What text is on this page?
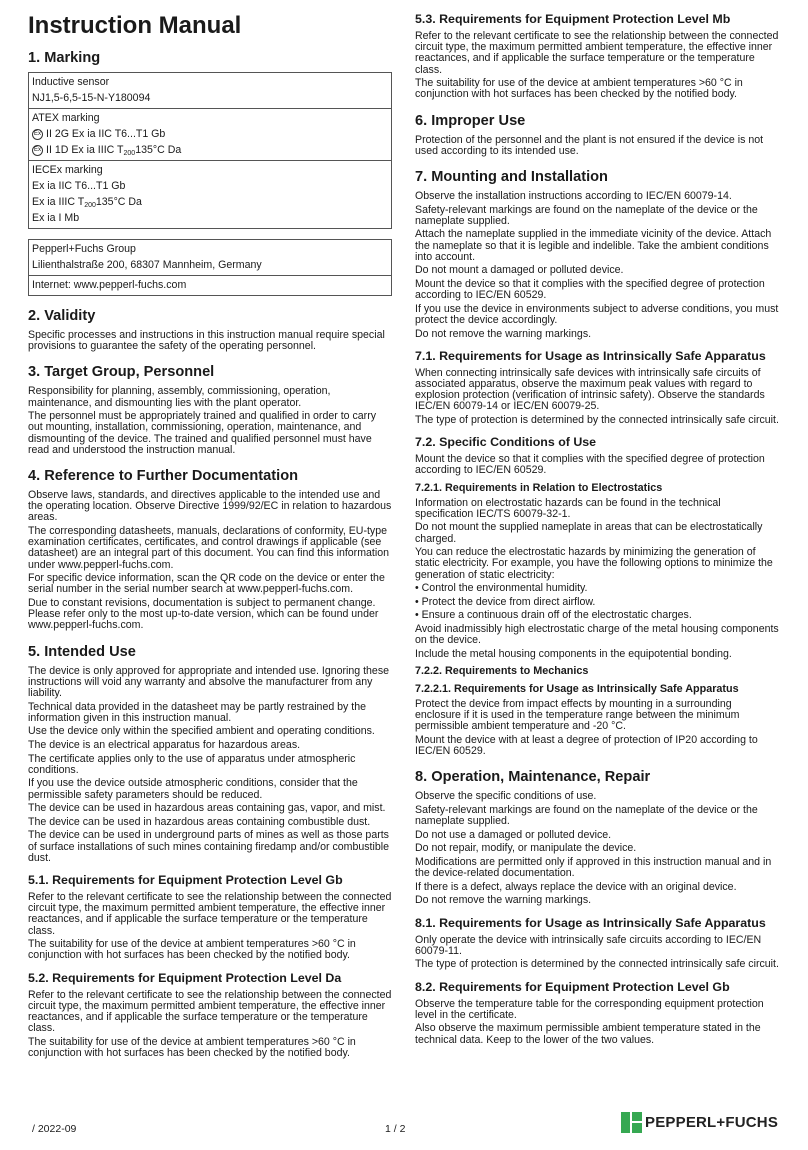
Instruction Manual
1. Marking
Inductive sensor
NJ1,5-6,5-15-N-Y180094
ATEX marking
Ex II 2G Ex ia IIC T6...T1 Gb
Ex II 1D Ex ia IIIC $T_{200}135^\circ C$ Da
IECEx marking
Ex ia IIC T6...T1 Gb
Ex ia IIIC $T_{200}135^\circ C$ Da
Ex ia I Mb
Pepperl+Fuchs Group
Lilienthalstraße 200, 68307 Mannheim, Germany
Internet: www.pepperl-fuchs.com
2. Validity

Specific processes and instructions in this instruction manual require special provisions to guarantee the safety of the operating personnel.

3. Target Group, Personnel

Responsibility for planning, assembly, commissioning, operation, maintenance, and dismounting lies with the plant operator.

The personnel must be appropriately trained and qualified in order to carry out mounting, installation, commissioning, operation, maintenance, and dismounting of the device. The trained and qualified personnel must have read and understood the instruction manual.

4. Reference to Further Documentation

Observe laws, standards, and directives applicable to the intended use and the operating location. Observe Directive 1999/92/EC in relation to hazardous areas.

The corresponding datasheets, manuals, declarations of conformity, EU-type examination certificates, certificates, and control drawings if applicable (see datasheet) are an integral part of this document. You can find this information under www.pepperl-fuchs.com.

For specific device information, scan the QR code on the device or enter the serial number in the serial number search at www.pepperl-fuchs.com.

Due to constant revisions, documentation is subject to permanent change. Please refer only to the most up-to-date version, which can be found under www.pepperl-fuchs.com.

5. Intended Use

The device is only approved for appropriate and intended use. Ignoring these instructions will void any warranty and absolve the manufacturer from any liability.

Technical data provided in the datasheet may be partly restrained by the information given in this instruction manual.

Use the device only within the specified ambient and operating conditions.

The device is an electrical apparatus for hazardous areas.

The certificate applies only to the use of apparatus under atmospheric conditions.

If you use the device outside atmospheric conditions, consider that the permissible safety parameters should be reduced.

The device can be used in hazardous areas containing gas, vapor, and mist.

The device can be used in hazardous areas containing combustible dust.

The device can be used in underground parts of mines as well as those parts of surface installations of such mines containing firedamp and/or combustible dust.

5.1. Requirements for Equipment Protection Level Gb

Refer to the relevant certificate to see the relationship between the connected circuit type, the maximum permitted ambient temperature, the effective inner reactances, and if applicable the surface temperature or the temperature class.

The suitability for use of the device at ambient temperatures >60 °C in conjunction with hot surfaces has been checked by the notified body.

5.2. Requirements for Equipment Protection Level Da

Refer to the relevant certificate to see the relationship between the connected circuit type, the maximum permitted ambient temperature, the effective inner reactances, and if applicable the surface temperature or the temperature class.

The suitability for use of the device at ambient temperatures >60 °C in conjunction with hot surfaces has been checked by the notified body.

5.3. Requirements for Equipment Protection Level Mb

Refer to the relevant certificate to see the relationship between the connected circuit type, the maximum permitted ambient temperature, the effective inner reactances, and if applicable the surface temperature or the temperature class.

The suitability for use of the device at ambient temperatures >60 °C in conjunction with hot surfaces has been checked by the notified body.

6. Improper Use

Protection of the personnel and the plant is not ensured if the device is not used according to its intended use.

7. Mounting and Installation

Observe the installation instructions according to IEC/EN 60079-14.

Safety-relevant markings are found on the nameplate of the device or the nameplate supplied.

Attach the nameplate supplied in the immediate vicinity of the device. Attach the nameplate so that it is legible and indelible. Take the ambient conditions into account.

Do not mount a damaged or polluted device.

Mount the device so that it complies with the specified degree of protection according to IEC/EN 60529.

If you use the device in environments subject to adverse conditions, you must protect the device accordingly.

Do not remove the warning markings.

7.1. Requirements for Usage as Intrinsically Safe Apparatus

When connecting intrinsically safe devices with intrinsically safe circuits of associated apparatus, observe the maximum peak values with regard to explosion protection (verification of intrinsic safety). Observe the standards IEC/EN 60079-14 or IEC/EN 60079-25.

The type of protection is determined by the connected intrinsically safe circuit.

7.2. Specific Conditions of Use

Mount the device so that it complies with the specified degree of protection according to IEC/EN 60529.

7.2.1. Requirements in Relation to Electrostatics

Information on electrostatic hazards can be found in the technical specification IEC/TS 60079-32-1.

Do not mount the supplied nameplate in areas that can be electrostatically charged.

You can reduce the electrostatic hazards by minimizing the generation of static electricity. For example, you have the following options to minimize the generation of static electricity:

• Control the environmental humidity.

• Protect the device from direct airflow.

• Ensure a continuous drain off of the electrostatic charges.

Avoid inadmissibly high electrostatic charge of the metal housing components on the device.

Include the metal housing components in the equipotential bonding.

7.2.2. Requirements to Mechanics
7.2.2.1. Requirements for Usage as Intrinsically Safe Apparatus

Protect the device from impact effects by mounting in a surrounding enclosure if it is used in the temperature range between the minimum permissible ambient temperature and -20 °C.

Mount the device with at least a degree of protection of IP20 according to IEC/EN 60529.

8. Operation, Maintenance, Repair

Observe the specific conditions of use.

Safety-relevant markings are found on the nameplate of the device or the nameplate supplied.

Do not use a damaged or polluted device.

Do not repair, modify, or manipulate the device.

Modifications are permitted only if approved in this instruction manual and in the device-related documentation.

If there is a defect, always replace the device with an original device.

Do not remove the warning markings.

8.1. Requirements for Usage as Intrinsically Safe Apparatus

Only operate the device with intrinsically safe circuits according to IEC/EN 60079-11.

The type of protection is determined by the connected intrinsically safe circuit.

8.2. Requirements for Equipment Protection Level Gb

Observe the temperature table for the corresponding equipment protection level in the certificate.

Also observe the maximum permissible ambient temperature stated in the technical data. Keep to the lower of the two values.

/ 2022-09	1 / 2	PEPPERL+FUCHS
